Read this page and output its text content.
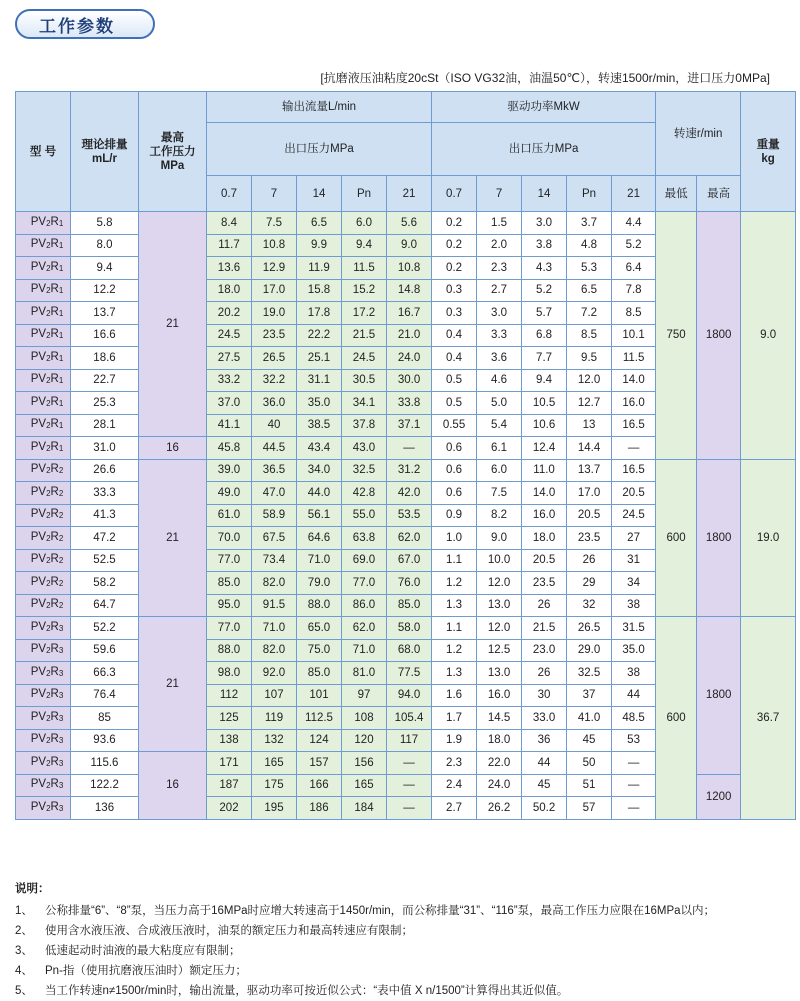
工作参数
[抗磨液压油粘度20cSt（ISO VG32油，油温50℃），转速1500r/min，进口压力0MPa]
型 号	理论排量
mL/r	最高
工作压力
MPa	输出流量L/min					驱动功率MkW					转速r/min		重量
kg
			出口压力MPa					出口压力MPa							
			0.7	7	14	Pn	21	0.7	7	14	Pn	21	最低	最高	
$PV_2R_1$	5.8	21	8.4	7.5	6.5	6.0	5.6	0.2	1.5	3.0	3.7	4.4	750	1800	9.0
$PV_2R_1$	8.0		11.7	10.8	9.9	9.4	9.0	0.2	2.0	3.8	4.8	5.2			
$PV_2R_1$	9.4		13.6	12.9	11.9	11.5	10.8	0.2	2.3	4.3	5.3	6.4			
$PV_2R_1$	12.2		18.0	17.0	15.8	15.2	14.8	0.3	2.7	5.2	6.5	7.8			
$PV_2R_1$	13.7		20.2	19.0	17.8	17.2	16.7	0.3	3.0	5.7	7.2	8.5			
$PV_2R_1$	16.6		24.5	23.5	22.2	21.5	21.0	0.4	3.3	6.8	8.5	10.1			
$PV_2R_1$	18.6		27.5	26.5	25.1	24.5	24.0	0.4	3.6	7.7	9.5	11.5			
$PV_2R_1$	22.7		33.2	32.2	31.1	30.5	30.0	0.5	4.6	9.4	12.0	14.0			
$PV_2R_1$	25.3		37.0	36.0	35.0	34.1	33.8	0.5	5.0	10.5	12.7	16.0			
$PV_2R_1$	28.1		41.1	40	38.5	37.8	37.1	0.55	5.4	10.6	13	16.5			
$PV_2R_1$	31.0	16	45.8	44.5	43.4	43.0	—	0.6	6.1	12.4	14.4	—			
$PV_2R_2$	26.6	21	39.0	36.5	34.0	32.5	31.2	0.6	6.0	11.0	13.7	16.5	600	1800	19.0
$PV_2R_2$	33.3		49.0	47.0	44.0	42.8	42.0	0.6	7.5	14.0	17.0	20.5			
$PV_2R_2$	41.3		61.0	58.9	56.1	55.0	53.5	0.9	8.2	16.0	20.5	24.5			
$PV_2R_2$	47.2		70.0	67.5	64.6	63.8	62.0	1.0	9.0	18.0	23.5	27			
$PV_2R_2$	52.5		77.0	73.4	71.0	69.0	67.0	1.1	10.0	20.5	26	31			
$PV_2R_2$	58.2		85.0	82.0	79.0	77.0	76.0	1.2	12.0	23.5	29	34			
$PV_2R_2$	64.7		95.0	91.5	88.0	86.0	85.0	1.3	13.0	26	32	38			
$PV_2R_3$	52.2	21	77.0	71.0	65.0	62.0	58.0	1.1	12.0	21.5	26.5	31.5	600	1800	36.7
$PV_2R_3$	59.6		88.0	82.0	75.0	71.0	68.0	1.2	12.5	23.0	29.0	35.0			
$PV_2R_3$	66.3		98.0	92.0	85.0	81.0	77.5	1.3	13.0	26	32.5	38			
$PV_2R_3$	76.4		112	107	101	97	94.0	1.6	16.0	30	37	44			
$PV_2R_3$	85		125	119	112.5	108	105.4	1.7	14.5	33.0	41.0	48.5			
$PV_2R_3$	93.6		138	132	124	120	117	1.9	18.0	36	45	53			
$PV_2R_3$	115.6	16	171	165	157	156	—	2.3	22.0	44	50	—			
$PV_2R_3$	122.2		187	175	166	165	—	2.4	24.0	45	51	—		1200	
$PV_2R_3$	136		202	195	186	184	—	2.7	26.2	50.2	57	—			
说明：
1、 公称排量“6”、“8”泵，当压力高于16MPa时应增大转速高于1450r/min，而公称排量“31”、“116”泵，最高工作压力应限在16MPa以内；
2、 使用含水液压液、合成液压液时，油泵的额定压力和最高转速应有限制；
3、 低速起动时油液的最大粘度应有限制；
4、 Pn-指（使用抗磨液压油时）额定压力；
5、 当工作转速n≠1500r/min时，输出流量，驱动功率可按近似公式：“表中值 X n/1500”计算得出其近似值。
